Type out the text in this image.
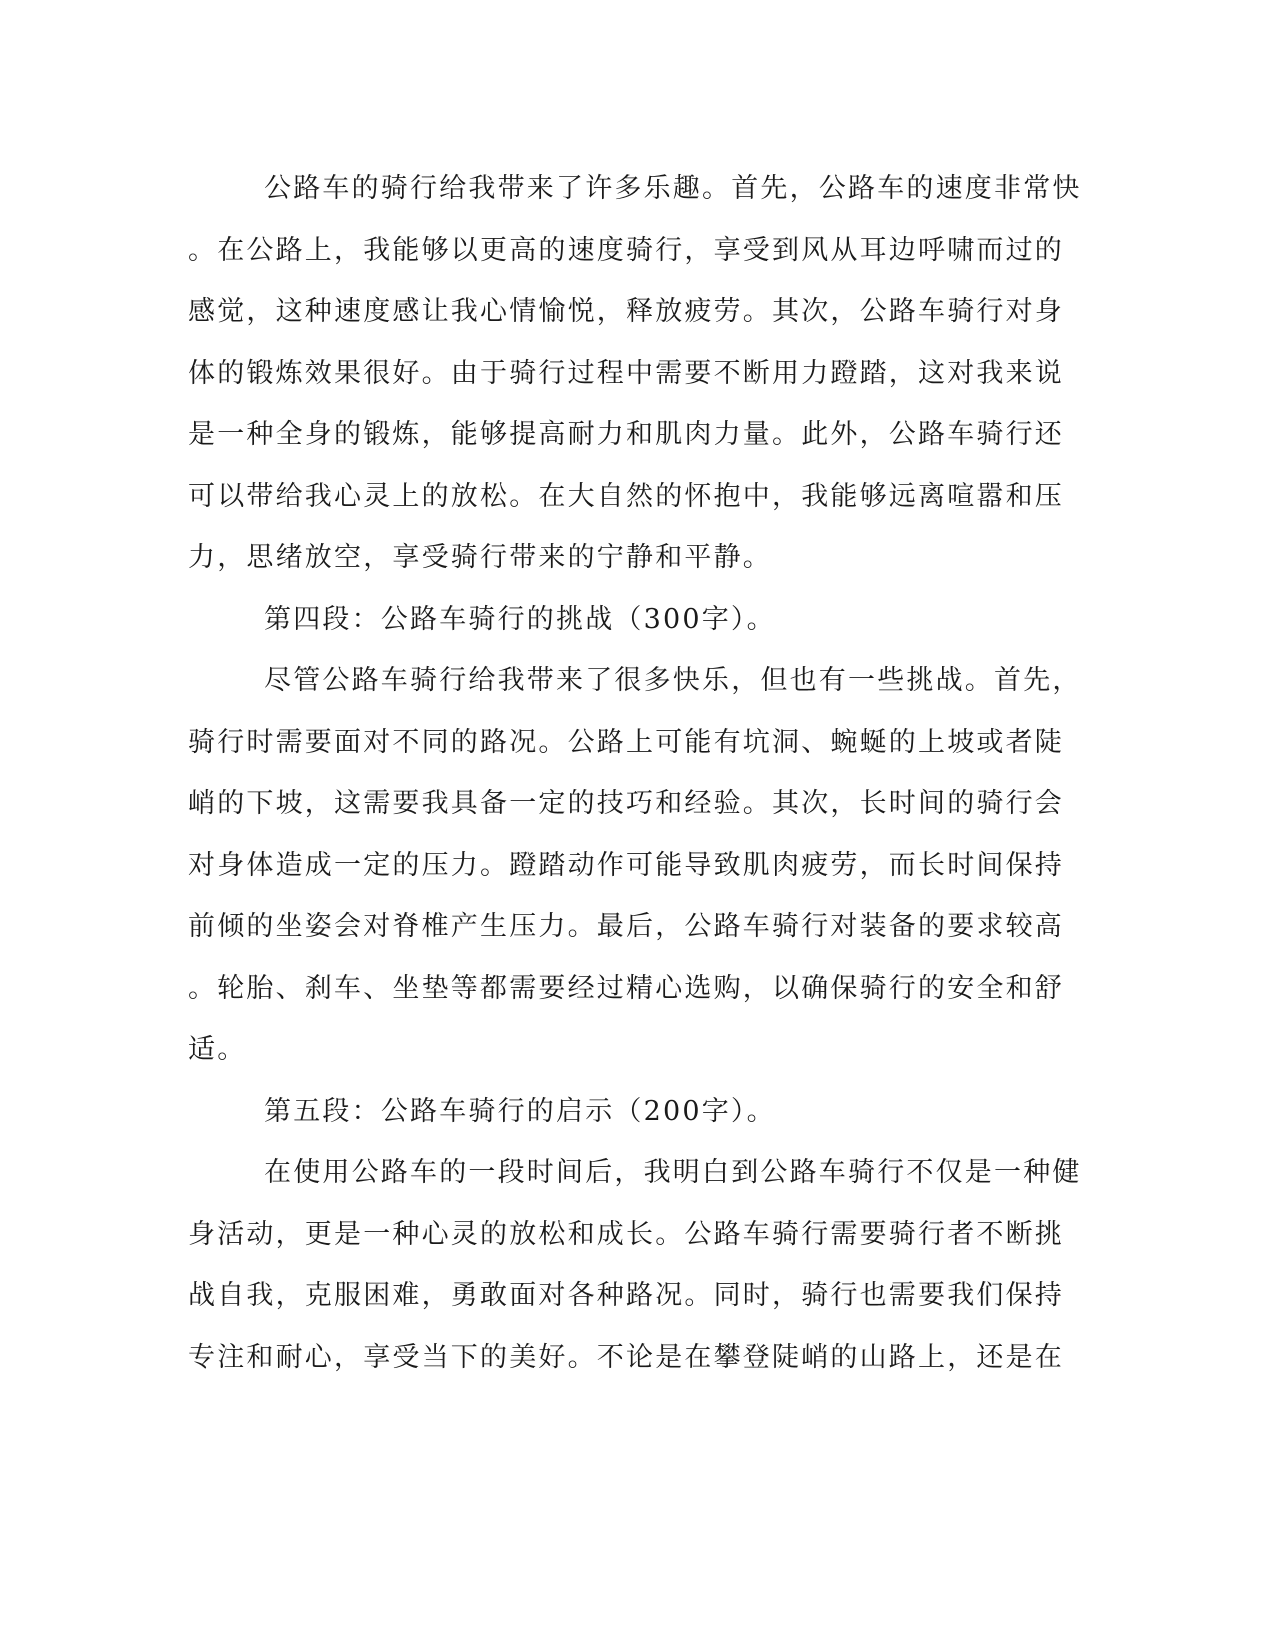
公路车的骑行给我带来了许多乐趣。首先，公路车的速度非常快
。在公路上，我能够以更高的速度骑行，享受到风从耳边呼啸而过的
感觉，这种速度感让我心情愉悦，释放疲劳。其次，公路车骑行对身
体的锻炼效果很好。由于骑行过程中需要不断用力蹬踏，这对我来说
是一种全身的锻炼，能够提高耐力和肌肉力量。此外，公路车骑行还
可以带给我心灵上的放松。在大自然的怀抱中，我能够远离喧嚣和压
力，思绪放空，享受骑行带来的宁静和平静。
第四段：公路车骑行的挑战（300字）。
尽管公路车骑行给我带来了很多快乐，但也有一些挑战。首先，
骑行时需要面对不同的路况。公路上可能有坑洞、蜿蜒的上坡或者陡
峭的下坡，这需要我具备一定的技巧和经验。其次，长时间的骑行会
对身体造成一定的压力。蹬踏动作可能导致肌肉疲劳，而长时间保持
前倾的坐姿会对脊椎产生压力。最后，公路车骑行对装备的要求较高
。轮胎、刹车、坐垫等都需要经过精心选购，以确保骑行的安全和舒
适。
第五段：公路车骑行的启示（200字）。
在使用公路车的一段时间后，我明白到公路车骑行不仅是一种健
身活动，更是一种心灵的放松和成长。公路车骑行需要骑行者不断挑
战自我，克服困难，勇敢面对各种路况。同时，骑行也需要我们保持
专注和耐心，享受当下的美好。不论是在攀登陡峭的山路上，还是在
